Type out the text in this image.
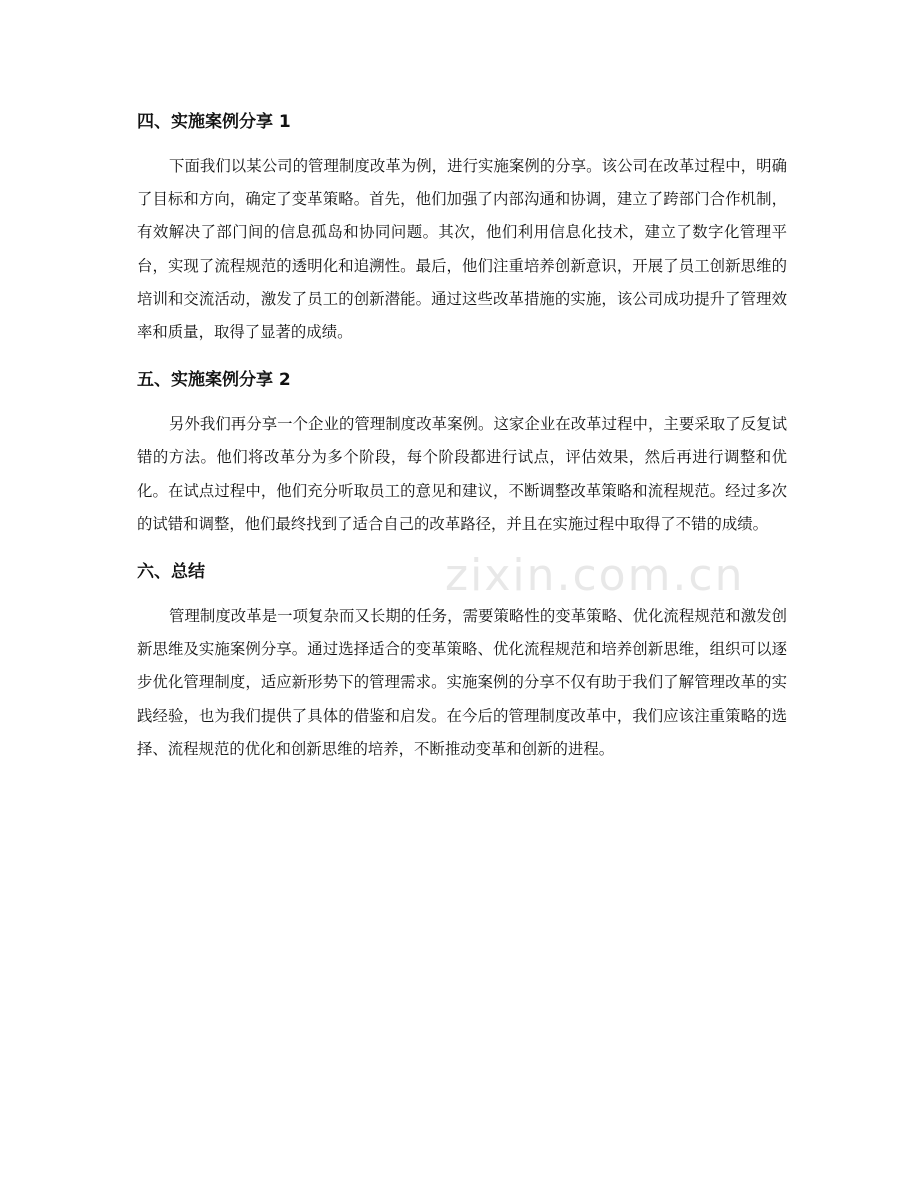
四、实施案例分享 1

下面我们以某公司的管理制度改革为例，进行实施案例的分享。该公司在改革过程中，明确了目标和方向，确定了变革策略。首先，他们加强了内部沟通和协调，建立了跨部门合作机制，有效解决了部门间的信息孤岛和协同问题。其次，他们利用信息化技术，建立了数字化管理平台，实现了流程规范的透明化和追溯性。最后，他们注重培养创新意识，开展了员工创新思维的培训和交流活动，激发了员工的创新潜能。通过这些改革措施的实施，该公司成功提升了管理效率和质量，取得了显著的成绩。

五、实施案例分享 2

另外我们再分享一个企业的管理制度改革案例。这家企业在改革过程中，主要采取了反复试错的方法。他们将改革分为多个阶段，每个阶段都进行试点，评估效果，然后再进行调整和优化。在试点过程中，他们充分听取员工的意见和建议，不断调整改革策略和流程规范。经过多次的试错和调整，他们最终找到了适合自己的改革路径，并且在实施过程中取得了不错的成绩。

六、总结

管理制度改革是一项复杂而又长期的任务，需要策略性的变革策略、优化流程规范和激发创新思维及实施案例分享。通过选择适合的变革策略、优化流程规范和培养创新思维，组织可以逐步优化管理制度，适应新形势下的管理需求。实施案例的分享不仅有助于我们了解管理改革的实践经验，也为我们提供了具体的借鉴和启发。在今后的管理制度改革中，我们应该注重策略的选择、流程规范的优化和创新思维的培养，不断推动变革和创新的进程。

zixin.com.cn
